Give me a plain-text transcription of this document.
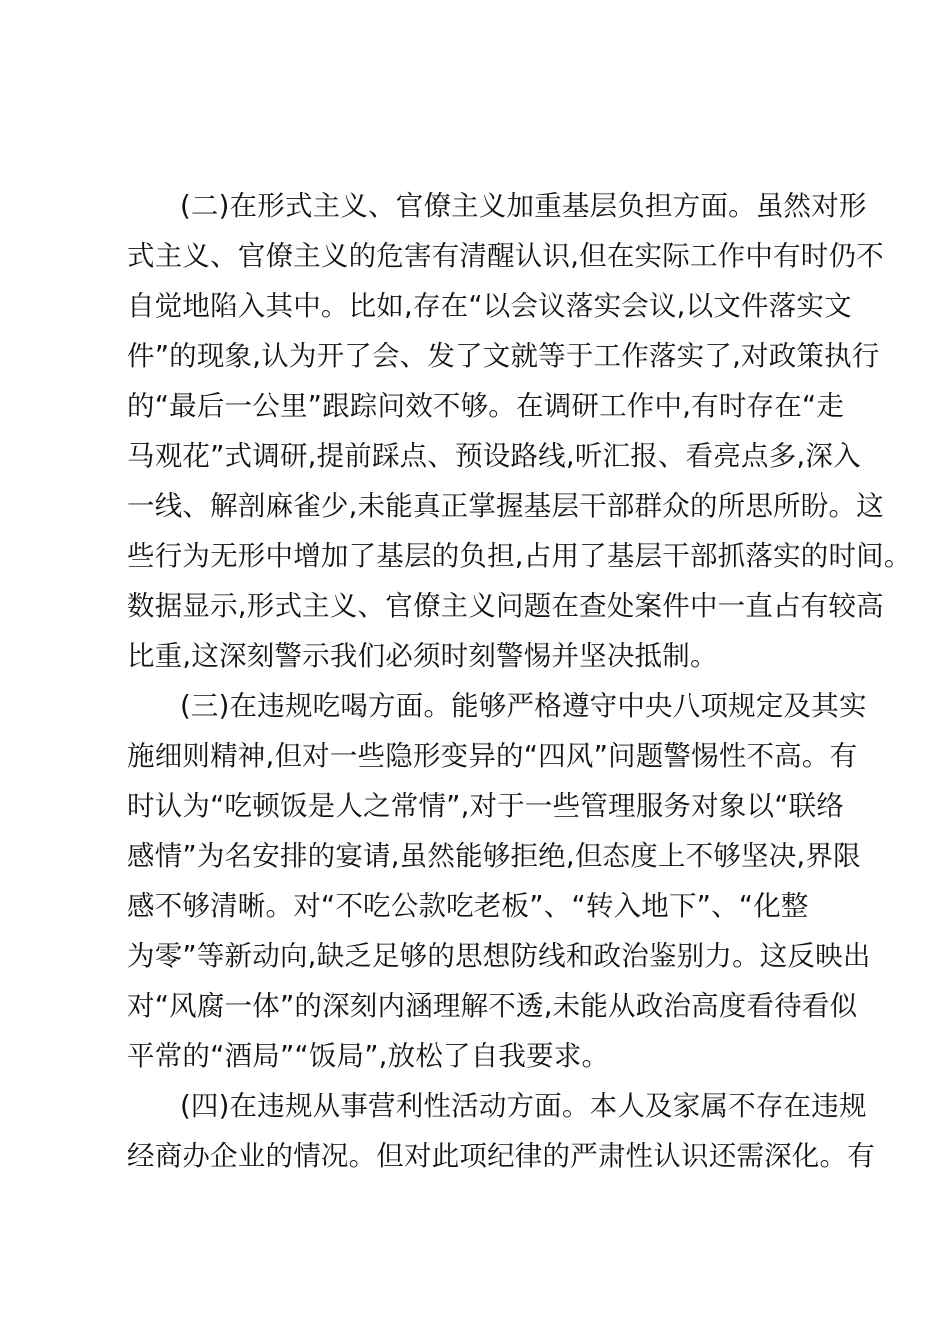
(二)在形式主义、官僚主义加重基层负担方面。虽然对形
式主义、官僚主义的危害有清醒认识,但在实际工作中有时仍不
自觉地陷入其中。比如,存在“以会议落实会议,以文件落实文
件”的现象,认为开了会、发了文就等于工作落实了,对政策执行
的“最后一公里”跟踪问效不够。在调研工作中,有时存在“走
马观花”式调研,提前踩点、预设路线,听汇报、看亮点多,深入
一线、解剖麻雀少,未能真正掌握基层干部群众的所思所盼。这
些行为无形中增加了基层的负担,占用了基层干部抓落实的时间。
数据显示,形式主义、官僚主义问题在查处案件中一直占有较高
比重,这深刻警示我们必须时刻警惕并坚决抵制。
(三)在违规吃喝方面。能够严格遵守中央八项规定及其实
施细则精神,但对一些隐形变异的“四风”问题警惕性不高。有
时认为“吃顿饭是人之常情”,对于一些管理服务对象以“联络
感情”为名安排的宴请,虽然能够拒绝,但态度上不够坚决,界限
感不够清晰。对“不吃公款吃老板”、“转入地下”、“化整
为零”等新动向,缺乏足够的思想防线和政治鉴别力。这反映出
对“风腐一体”的深刻内涵理解不透,未能从政治高度看待看似
平常的“酒局”“饭局”,放松了自我要求。
(四)在违规从事营利性活动方面。本人及家属不存在违规
经商办企业的情况。但对此项纪律的严肃性认识还需深化。有
